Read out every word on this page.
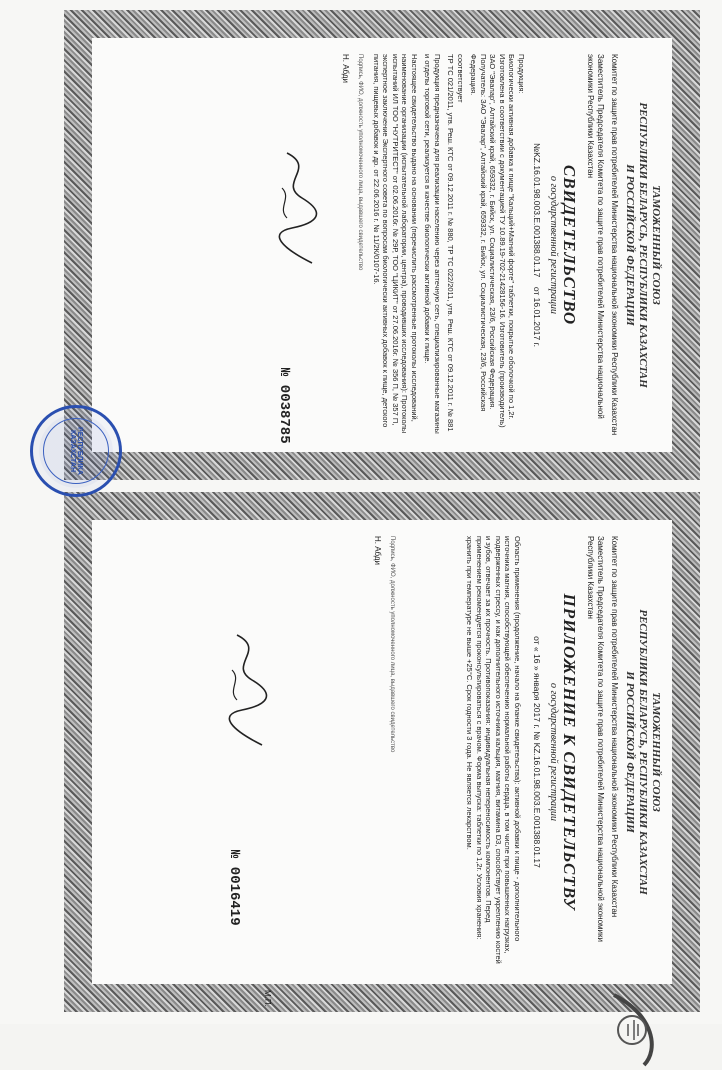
ТАМОЖЕННЫЙ СОЮЗ
РЕСПУБЛИКИ БЕЛАРУСЬ, РЕСПУБЛИКИ КАЗАХСТАН
И РОССИЙСКОЙ ФЕДЕРАЦИИ
Комитет по защите прав потребителей Министерства национальной экономики Республики Казахстан
Заместитель Председателя Комитета по защите прав потребителей Министерства национальной экономики Республики Казахстан
СВИДЕТЕЛЬСТВО
о государственной регистрации
№KZ.16.01.98.003.E.001388.01.17    от 16.01.2017 г.
Продукция:
Биологически активная добавка к пище "Кальций+Магний форте" таблетки, покрытые оболочкой по 1,2г. Изготовлена в соответствии с документацией ТУ 10.89.19-702-21428156-16. Изготовитель (производитель) ЗАО "Эвалар", Алтайский край, 659332, г. Бийск, ул. Социалистическая, 23/6, Российская Федерация. Получатель: ЗАО "Эвалар", Алтайский край, 659332, г. Бийск, ул. Социалистическая, 23/6, Российская Федерация.
соответствует
ТР ТС 021/2011, утв. Реш. КТС от 09.12.2011 г. № 880, ТР ТС 022/2011, утв. Реш. КТС от 09.12.2011 г. № 881
Продукция предназначена для реализации населению через аптечную сеть, специализированные магазины и отделы торговой сети, реализуется в качестве биологически активной добавки к пище.
Настоящее свидетельство выдано на основании (перечислить рассмотренные протоколы исследований, наименование организации (испытательной лаборатории, центра), проводивших исследования): Протоколы испытаний ИЛ ТОО "НУТРИТЕСТ" от 02.06.2016г. № 29Р, ТОО "ЦИКИТ" от 27.06.2016г. № 356 П, № 357 П, экспертное заключение Экспертного совета по вопросам биологически активных добавок к пище, детского питания, пищевых добавок и др. от 22.06.2016 г. № 11/2К/0107-16.
Подпись, ФИО, должность уполномоченного лица, выдавшего свидетельство
Н. Абди
№ 0038785
ТАМОЖЕННЫЙ СОЮЗ
РЕСПУБЛИКИ БЕЛАРУСЬ, РЕСПУБЛИКИ КАЗАХСТАН
И РОССИЙСКОЙ ФЕДЕРАЦИИ
Комитет по защите прав потребителей Министерства национальной экономики Республики Казахстан
Заместитель Председателя Комитета по защите прав потребителей Министерства национальной экономики Республики Казахстан
ПРИЛОЖЕНИЕ К СВИДЕТЕЛЬСТВУ
о государственной регистрации
от « 16 » января 2017 г. № KZ.16.01.98.003.E.001388.01.17
Область применения (продолжение, начало на бланке свидетельства): активной добавки к пище - дополнительного источника магния, способствующей обеспечению нормальной работы сердца, в том числе при повышенных нагрузках, подверженных стрессу, и как дополнительного источника кальция, магния, витамина D3, способствует укреплению костей и зубов, отвечает за их прочность. Противопоказания: индивидуальная непереносимость компонентов. Перед применением рекомендуется проконсультироваться с врачом. Форма выпуска: таблетки по 1,2г. Условия хранения: хранить при температуре не выше +25°С. Срок годности 3 года. Не является лекарством.
Подпись, ФИО, должность уполномоченного лица, выдавшего свидетельство
Н. Абди
М.П.
№ 0016419
РЕСПУБЛИКА КАЗАХСТАН
